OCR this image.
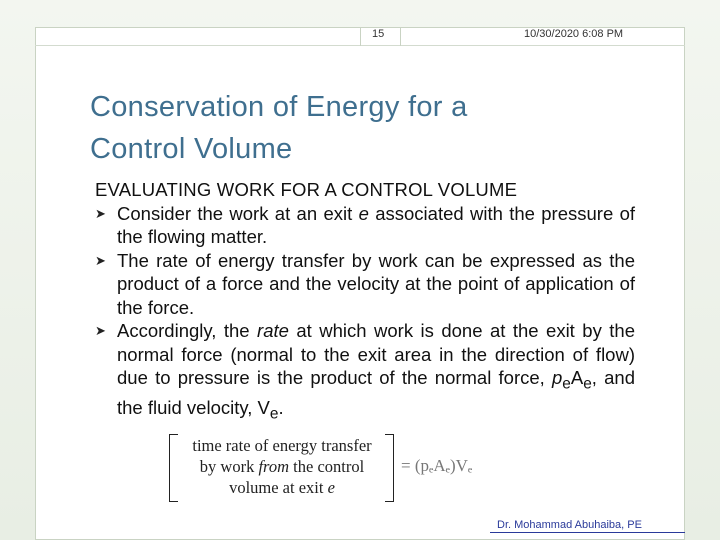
15	10/30/2020 6:08 PM
Conservation of Energy for a
Control Volume
EVALUATING WORK FOR A CONTROL VOLUME
➤ Consider the work at an exit e associated with the pressure of the flowing matter.
➤ The rate of energy transfer by work can be expressed as the product of a force and the velocity at the point of application of the force.
➤ Accordingly, the rate at which work is done at the exit by the normal force (normal to the exit area in the direction of flow) due to pressure is the product of the normal force, $p_eA_e$, and the fluid velocity, $V_e$.
time rate of energy transfer
by work from the control
volume at exit e
= (pₑAₑ)Vₑ
Dr. Mohammad Abuhaiba, PE
